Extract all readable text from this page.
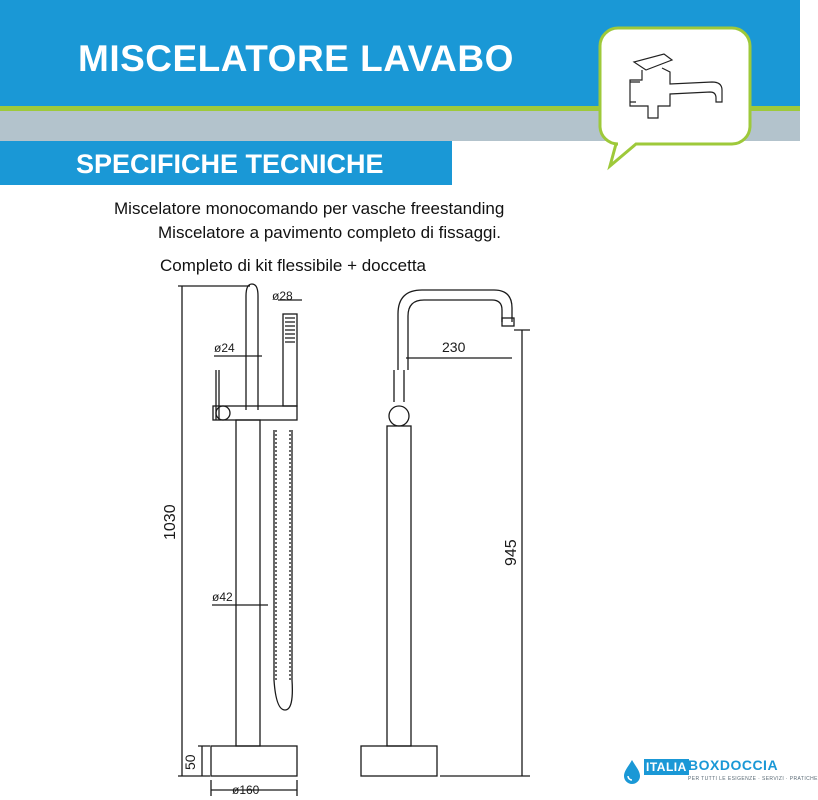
MISCELATORE LAVABO
SPECIFICHE TECNICHE
Miscelatore monocomando per vasche freestanding
Miscelatore a pavimento completo di fissaggi.
Completo di kit flessibile + doccetta
ø28
ø24
ø42
ø160
1030
50
230
945
ITALIA BOXDOCCIA
PER TUTTI LE ESIGENZE · SERVIZI · PRATICHE
